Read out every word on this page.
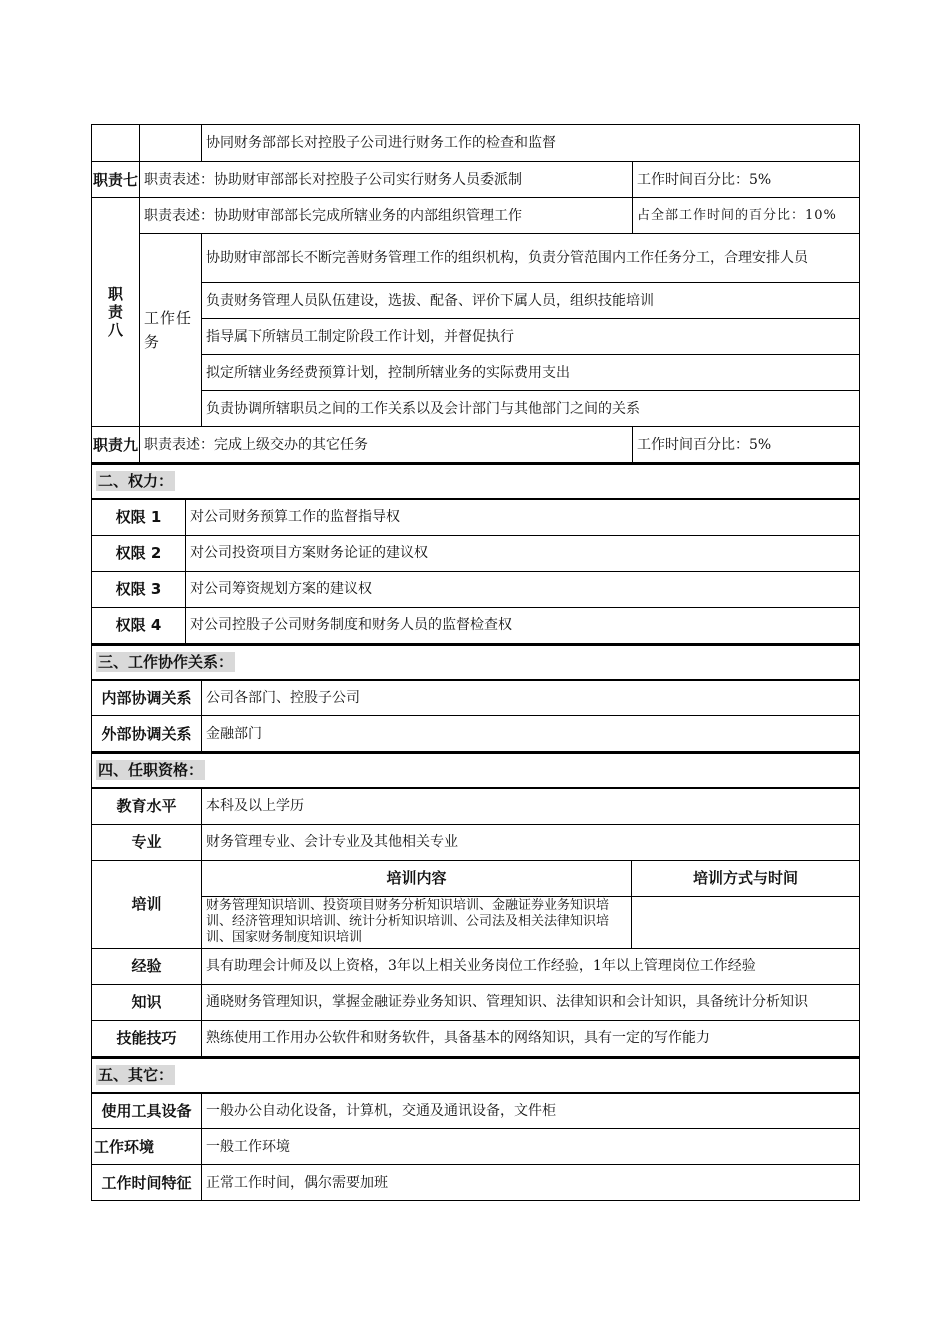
		协同财务部部长对控股子公司进行财务工作的检查和监督	
职责七	职责表述：协助财审部部长对控股子公司实行财务人员委派制		工作时间百分比：5%
职责八	职责表述：协助财审部部长完成所辖业务的内部组织管理工作		占全部工作时间的百分比：10%
	工作任务	协助财审部部长不断完善财务管理工作的组织机构，负责分管范围内工作任务分工，合理安排人员	
		负责财务管理人员队伍建设，选拔、配备、评价下属人员，组织技能培训	
		指导属下所辖员工制定阶段工作计划，并督促执行	
		拟定所辖业务经费预算计划，控制所辖业务的实际费用支出	
		负责协调所辖职员之间的工作关系以及会计部门与其他部门之间的关系	
职责九	职责表述：完成上级交办的其它任务		工作时间百分比：5%
二、权力：	
权限 1	对公司财务预算工作的监督指导权
权限 2	对公司投资项目方案财务论证的建议权
权限 3	对公司筹资规划方案的建议权
权限 4	对公司控股子公司财务制度和财务人员的监督检查权
三、工作协作关系：	
内部协调关系	公司各部门、控股子公司
外部协调关系	金融部门
四、任职资格：		
教育水平	本科及以上学历	
专业	财务管理专业、会计专业及其他相关专业	
培训	培训内容	培训方式与时间
	财务管理知识培训、投资项目财务分析知识培训、金融证券业务知识培训、经济管理知识培训、统计分析知识培训、公司法及相关法律知识培训、国家财务制度知识培训	
经验	具有助理会计师及以上资格，3年以上相关业务岗位工作经验，1年以上管理岗位工作经验	
知识	通晓财务管理知识，掌握金融证券业务知识、管理知识、法律知识和会计知识，具备统计分析知识	
技能技巧	熟练使用工作用办公软件和财务软件，具备基本的网络知识，具有一定的写作能力	
五、其它：	
使用工具设备	一般办公自动化设备，计算机，交通及通讯设备，文件柜
工作环境	一般工作环境
工作时间特征	正常工作时间，偶尔需要加班
